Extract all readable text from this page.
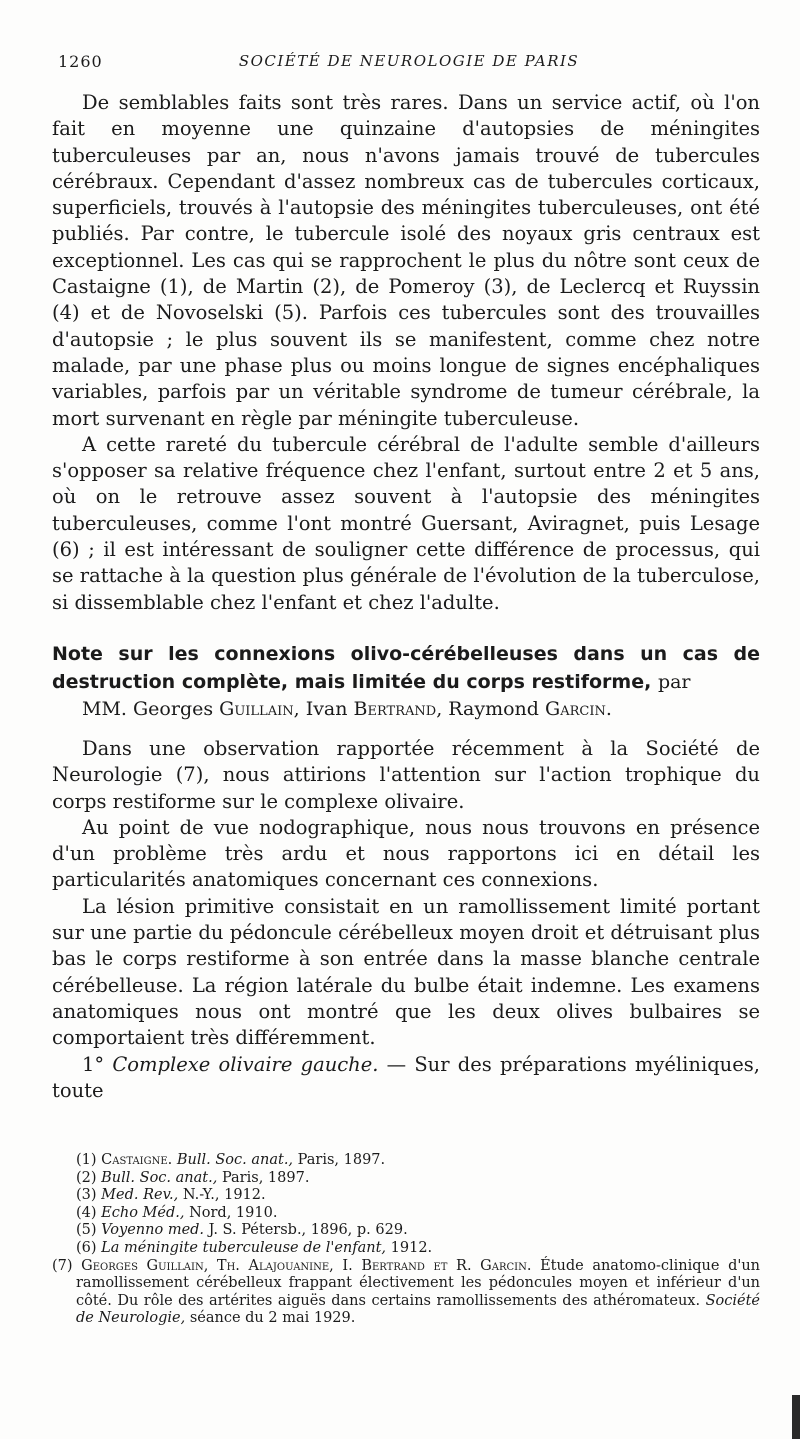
1260	SOCIÉTÉ DE NEUROLOGIE DE PARIS

De semblables faits sont très rares. Dans un service actif, où l'on fait en moyenne une quinzaine d'autopsies de méningites tuberculeuses par an, nous n'avons jamais trouvé de tubercules cérébraux. Cependant d'assez nombreux cas de tubercules corticaux, superficiels, trouvés à l'autopsie des méningites tuberculeuses, ont été publiés. Par contre, le tubercule isolé des noyaux gris centraux est exceptionnel. Les cas qui se rapprochent le plus du nôtre sont ceux de Castaigne (1), de Martin (2), de Pomeroy (3), de Leclercq et Ruyssin (4) et de Novoselski (5). Parfois ces tubercules sont des trouvailles d'autopsie ; le plus souvent ils se manifestent, comme chez notre malade, par une phase plus ou moins longue de signes encéphaliques variables, parfois par un véritable syndrome de tumeur cérébrale, la mort survenant en règle par méningite tuberculeuse.

A cette rareté du tubercule cérébral de l'adulte semble d'ailleurs s'opposer sa relative fréquence chez l'enfant, surtout entre 2 et 5 ans, où on le retrouve assez souvent à l'autopsie des méningites tuberculeuses, comme l'ont montré Guersant, Aviragnet, puis Lesage (6) ; il est intéressant de souligner cette différence de processus, qui se rattache à la question plus générale de l'évolution de la tuberculose, si dissemblable chez l'enfant et chez l'adulte.

Note sur les connexions olivo-cérébelleuses dans un cas de destruction complète, mais limitée du corps restiforme, par
MM. Georges Guillain, Ivan Bertrand, Raymond Garcin.

Dans une observation rapportée récemment à la Société de Neurologie (7), nous attirions l'attention sur l'action trophique du corps restiforme sur le complexe olivaire.

Au point de vue nodographique, nous nous trouvons en présence d'un problème très ardu et nous rapportons ici en détail les particularités anatomiques concernant ces connexions.

La lésion primitive consistait en un ramollissement limité portant sur une partie du pédoncule cérébelleux moyen droit et détruisant plus bas le corps restiforme à son entrée dans la masse blanche centrale cérébelleuse. La région latérale du bulbe était indemne. Les examens anatomiques nous ont montré que les deux olives bulbaires se comportaient très différemment.

1° Complexe olivaire gauche. — Sur des préparations myéliniques, toute

(1) Castaigne. Bull. Soc. anat., Paris, 1897.

(2) Bull. Soc. anat., Paris, 1897.

(3) Med. Rev., N.-Y., 1912.

(4) Echo Méd., Nord, 1910.

(5) Voyenno med. J. S. Pétersb., 1896, p. 629.

(6) La méningite tuberculeuse de l'enfant, 1912.

(7) Georges Guillain, Th. Alajouanine, I. Bertrand et R. Garcin. Étude anatomo-clinique d'un ramollissement cérébelleux frappant électivement les pédoncules moyen et inférieur d'un côté. Du rôle des artérites aiguës dans certains ramollissements des athéromateux. Société de Neurologie, séance du 2 mai 1929.
